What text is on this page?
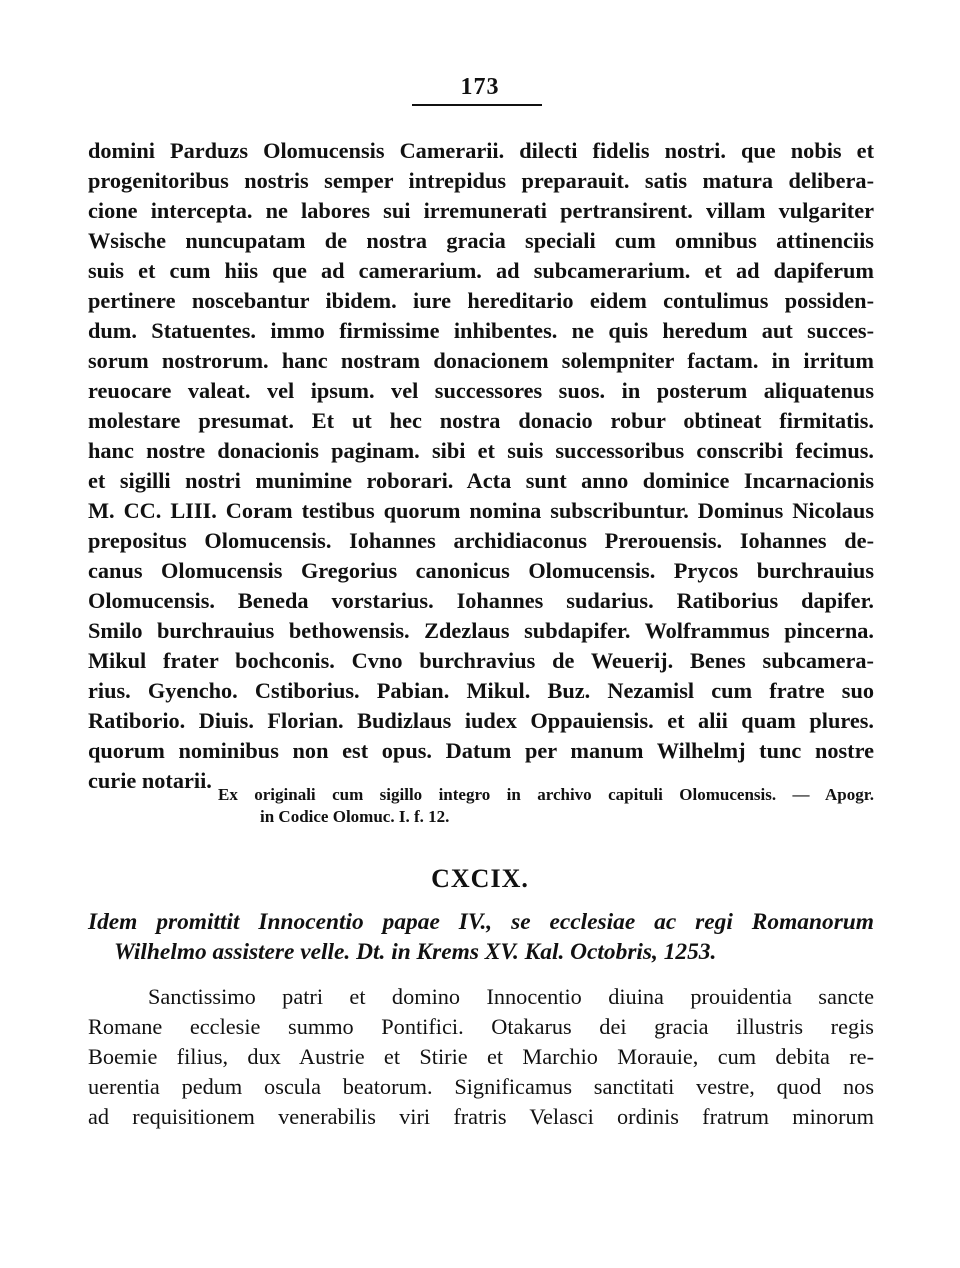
173
domini Parduzs Olomucensis Camerarii. dilecti fidelis nostri. que nobis et
progenitoribus nostris semper intrepidus preparauit. satis matura delibera-
cione intercepta. ne labores sui irremunerati pertransirent. villam vulgariter
Wsische nuncupatam de nostra gracia speciali cum omnibus attinenciis
suis et cum hiis que ad camerarium. ad subcamerarium. et ad dapiferum
pertinere noscebantur ibidem. iure hereditario eidem contulimus possiden-
dum. Statuentes. immo firmissime inhibentes. ne quis heredum aut succes-
sorum nostrorum. hanc nostram donacionem solempniter factam. in irritum
reuocare valeat. vel ipsum. vel successores suos. in posterum aliquatenus
molestare presumat. Et ut hec nostra donacio robur obtineat firmitatis.
hanc nostre donacionis paginam. sibi et suis successoribus conscribi fecimus.
et sigilli nostri munimine roborari. Acta sunt anno dominice Incarnacionis
M. CC. LIII. Coram testibus quorum nomina subscribuntur. Dominus Nicolaus
prepositus Olomucensis. Iohannes archidiaconus Prerouensis. Iohannes de-
canus Olomucensis Gregorius canonicus Olomucensis. Prycos burchrauius
Olomucensis. Beneda vorstarius. Iohannes sudarius. Ratiborius dapifer.
Smilo burchrauius bethowensis. Zdezlaus subdapifer. Wolframmus pincerna.
Mikul frater bochconis. Cvno burchravius de Weuerij. Benes subcamera-
rius. Gyencho. Cstiborius. Pabian. Mikul. Buz. Nezamisl cum fratre suo
Ratiborio. Diuis. Florian. Budizlaus iudex Oppauiensis. et alii quam plures.
quorum nominibus non est opus. Datum per manum Wilhelmj tunc nostre
curie notarii.
Ex originali cum sigillo integro in archivo capituli Olomucensis. — Apogr.
in Codice Olomuc. I. f. 12.
CXCIX.
Idem promittit Innocentio papae IV., se ecclesiae ac regi Romanorum
Wilhelmo assistere velle. Dt. in Krems XV. Kal. Octobris, 1253.
Sanctissimo patri et domino Innocentio diuina prouidentia sancte
Romane ecclesie summo Pontifici. Otakarus dei gracia illustris regis
Boemie filius, dux Austrie et Stirie et Marchio Morauie, cum debita re-
uerentia pedum oscula beatorum. Significamus sanctitati vestre, quod nos
ad requisitionem venerabilis viri fratris Velasci ordinis fratrum minorum
